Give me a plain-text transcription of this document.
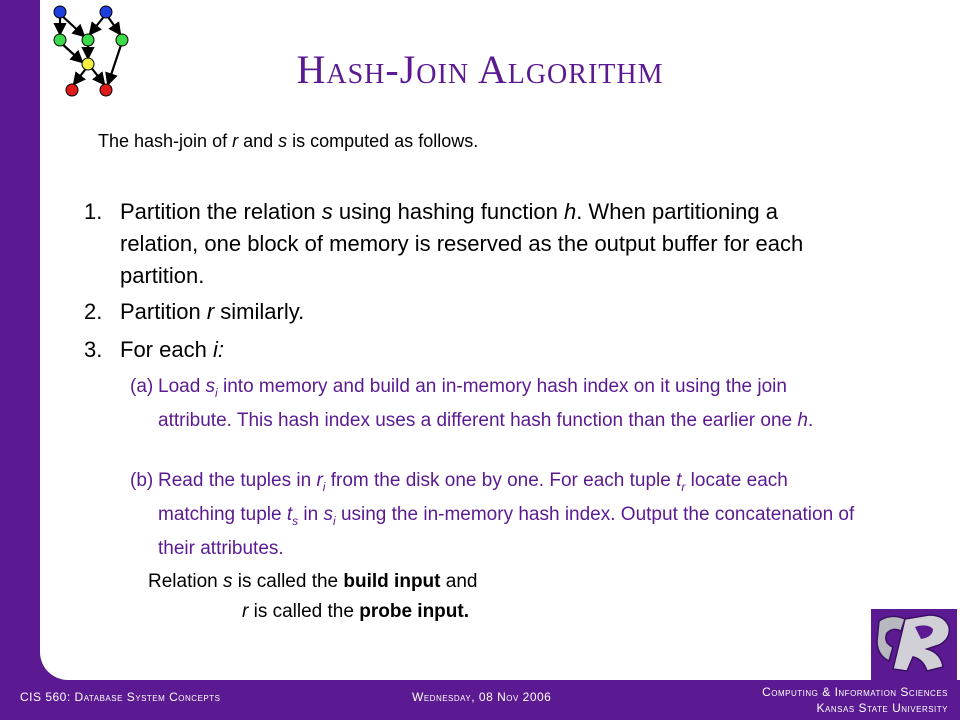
Hash-Join Algorithm
The hash-join of r and s is computed as follows.
1. Partition the relation s using hashing function h. When partitioning a relation, one block of memory is reserved as the output buffer for each partition.
2. Partition r similarly.
3. For each i:
(a) Load $s_i$ into memory and build an in-memory hash index on it using the join attribute. This hash index uses a different hash function than the earlier one h.
(b) Read the tuples in $r_i$ from the disk one by one. For each tuple $t_r$ locate each matching tuple $t_s$ in $s_i$ using the in-memory hash index. Output the concatenation of their attributes.
Relation s is called the build input and
r is called the probe input.
CIS 560: Database System Concepts	Wednesday, 08 Nov 2006	Computing & Information Sciences
Kansas State University
